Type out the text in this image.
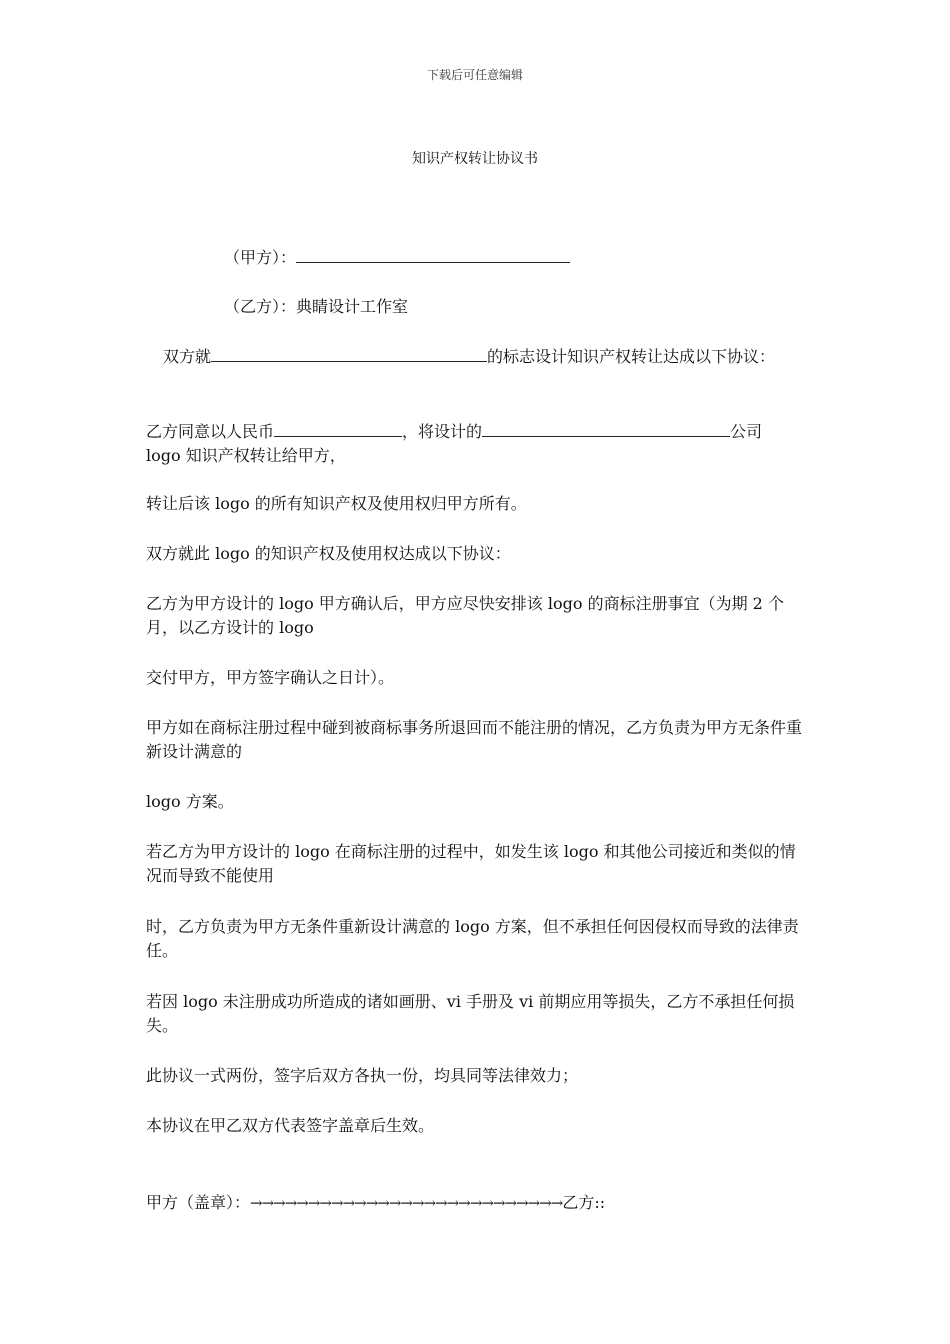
下载后可任意编辑
知识产权转让协议书
（甲方）：
（乙方）：典睛设计工作室
双方就	的标志设计知识产权转让达成以下协议：
乙方同意以人民币	，将设计的	公司
logo 知识产权转让给甲方，
转让后该 logo 的所有知识产权及使用权归甲方所有。
双方就此 logo 的知识产权及使用权达成以下协议：
乙方为甲方设计的 logo 甲方确认后，甲方应尽快安排该 logo 的商标注册事宜（为期 2 个月，以乙方设计的 logo
交付甲方，甲方签字确认之日计）。
甲方如在商标注册过程中碰到被商标事务所退回而不能注册的情况，乙方负责为甲方无条件重新设计满意的
logo 方案。
若乙方为甲方设计的 logo 在商标注册的过程中，如发生该 logo 和其他公司接近和类似的情况而导致不能使用
时，乙方负责为甲方无条件重新设计满意的 logo 方案，但不承担任何因侵权而导致的法律责任。
若因 logo 未注册成功所造成的诸如画册、vi 手册及 vi 前期应用等损失，乙方不承担任何损失。
此协议一式两份，签字后双方各执一份，均具同等法律效力；
本协议在甲乙双方代表签字盖章后生效。
甲方（盖章）：→→→→→→→→→→→→→→→→→→→→→→→→→→→乙方::
